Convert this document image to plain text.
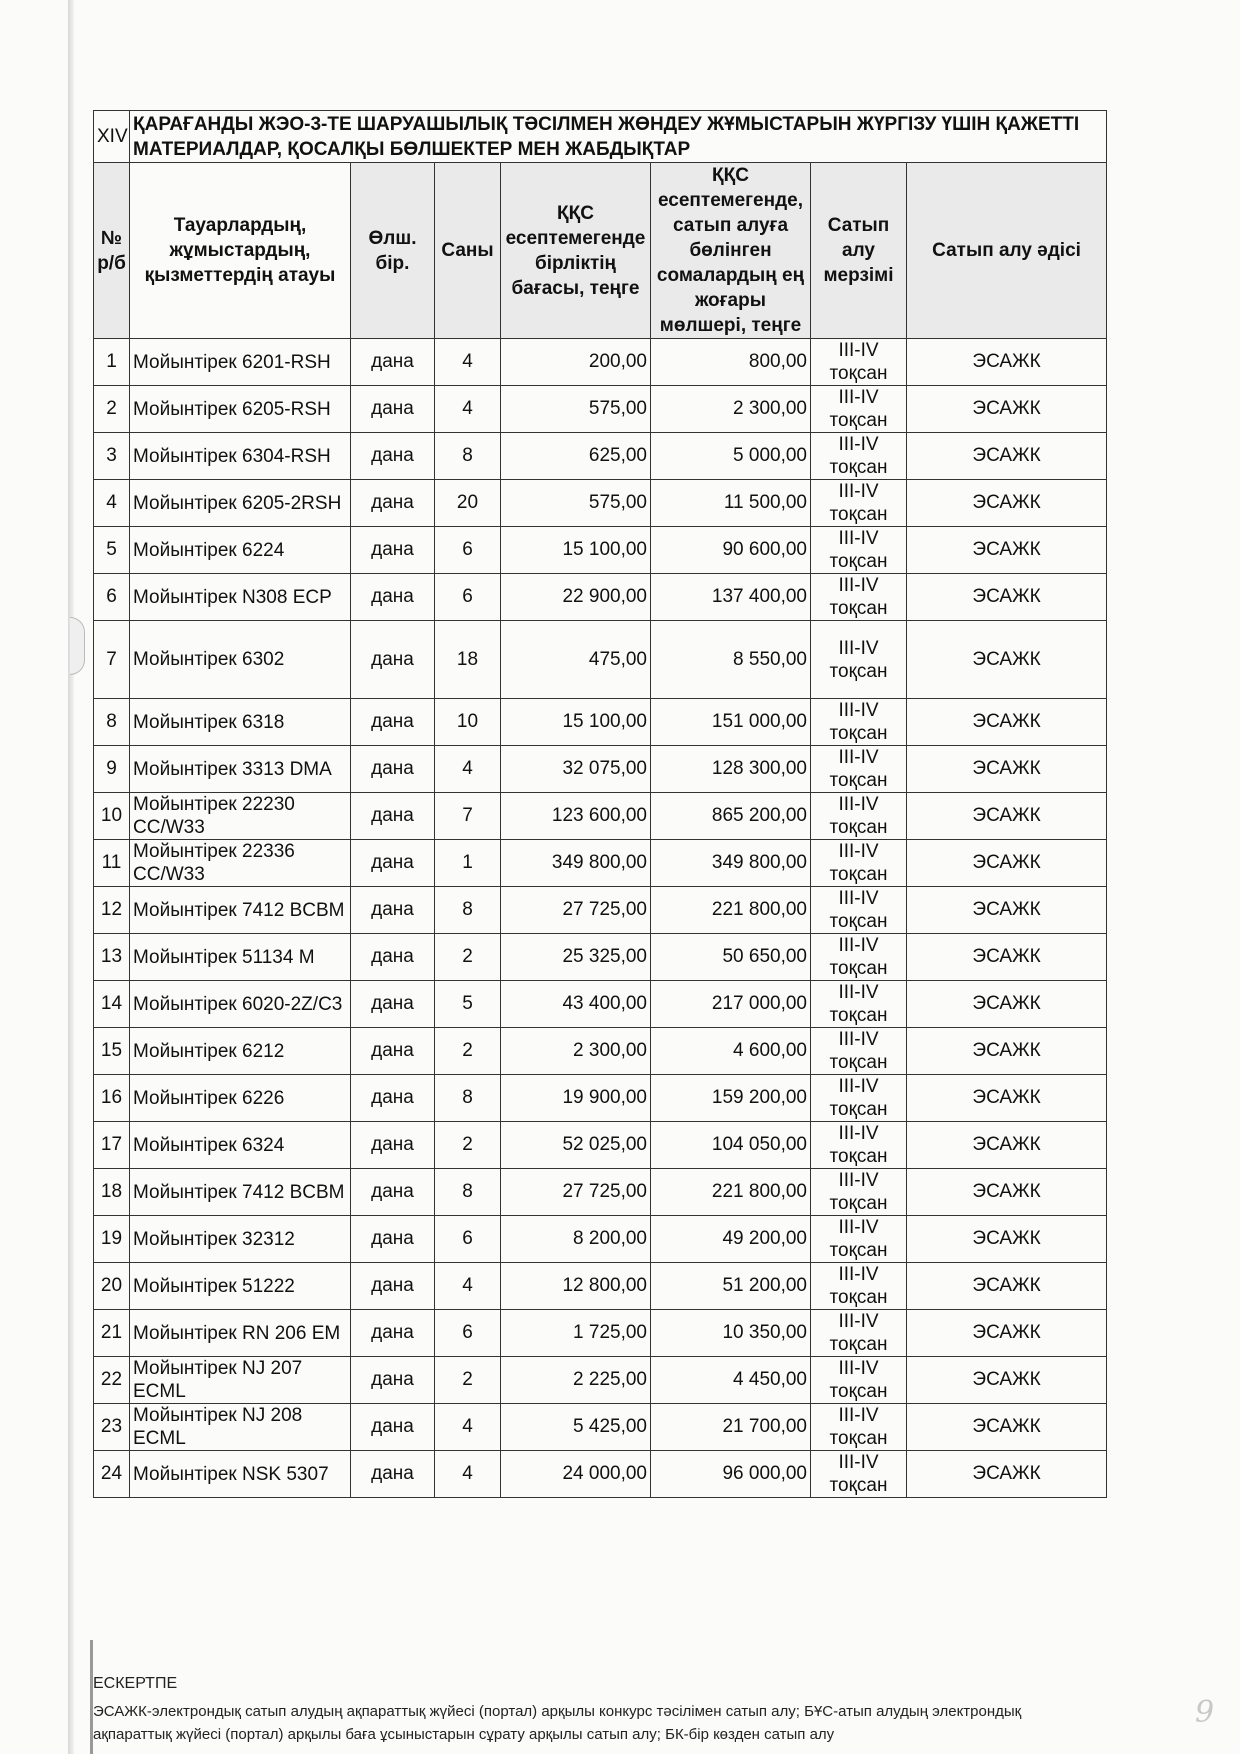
XIV	ҚАРАҒАНДЫ ЖЭО-3-ТЕ ШАРУАШЫЛЫҚ ТӘСІЛМЕН ЖӨНДЕУ ЖҰМЫСТАРЫН ЖҮРГІЗУ ҮШІН ҚАЖЕТТІ МАТЕРИАЛДАР, ҚОСАЛҚЫ БӨЛШЕКТЕР МЕН ЖАБДЫҚТАР						
№ р/б	Тауарлардың, жұмыстардың, қызметтердің атауы	Өлш. бір.	Саны	ҚҚС есептемегенде бірліктің бағасы, теңге	ҚҚС есептемегенде, сатып алуға бөлінген сомалардың ең жоғары мөлшері, теңге	Сатып алу мерзімі	Сатып алу әдісі
1	Мойынтірек 6201-RSH	дана	4	200,00	800,00	III-IV тоқсан	ЭСАЖК
2	Мойынтірек 6205-RSH	дана	4	575,00	2 300,00	III-IV тоқсан	ЭСАЖК
3	Мойынтірек 6304-RSH	дана	8	625,00	5 000,00	III-IV тоқсан	ЭСАЖК
4	Мойынтірек 6205-2RSH	дана	20	575,00	11 500,00	III-IV тоқсан	ЭСАЖК
5	Мойынтірек 6224	дана	6	15 100,00	90 600,00	III-IV тоқсан	ЭСАЖК
6	Мойынтірек N308 ECP	дана	6	22 900,00	137 400,00	III-IV тоқсан	ЭСАЖК
7	Мойынтірек 6302	дана	18	475,00	8 550,00	III-IV тоқсан	ЭСАЖК
8	Мойынтірек 6318	дана	10	15 100,00	151 000,00	III-IV тоқсан	ЭСАЖК
9	Мойынтірек 3313 DMA	дана	4	32 075,00	128 300,00	III-IV тоқсан	ЭСАЖК
10	Мойынтірек 22230 CC/W33	дана	7	123 600,00	865 200,00	III-IV тоқсан	ЭСАЖК
11	Мойынтірек 22336 CC/W33	дана	1	349 800,00	349 800,00	III-IV тоқсан	ЭСАЖК
12	Мойынтірек 7412 BCBM	дана	8	27 725,00	221 800,00	III-IV тоқсан	ЭСАЖК
13	Мойынтірек 51134 M	дана	2	25 325,00	50 650,00	III-IV тоқсан	ЭСАЖК
14	Мойынтірек 6020-2Z/C3	дана	5	43 400,00	217 000,00	III-IV тоқсан	ЭСАЖК
15	Мойынтірек 6212	дана	2	2 300,00	4 600,00	III-IV тоқсан	ЭСАЖК
16	Мойынтірек 6226	дана	8	19 900,00	159 200,00	III-IV тоқсан	ЭСАЖК
17	Мойынтірек 6324	дана	2	52 025,00	104 050,00	III-IV тоқсан	ЭСАЖК
18	Мойынтірек 7412 BCBM	дана	8	27 725,00	221 800,00	III-IV тоқсан	ЭСАЖК
19	Мойынтірек 32312	дана	6	8 200,00	49 200,00	III-IV тоқсан	ЭСАЖК
20	Мойынтірек 51222	дана	4	12 800,00	51 200,00	III-IV тоқсан	ЭСАЖК
21	Мойынтірек RN 206 EM	дана	6	1 725,00	10 350,00	III-IV тоқсан	ЭСАЖК
22	Мойынтірек NJ 207 ECML	дана	2	2 225,00	4 450,00	III-IV тоқсан	ЭСАЖК
23	Мойынтірек NJ 208 ECML	дана	4	5 425,00	21 700,00	III-IV тоқсан	ЭСАЖК
24	Мойынтірек NSK 5307	дана	4	24 000,00	96 000,00	III-IV тоқсан	ЭСАЖК
ЕСКЕРТПЕ
ЭСАЖК-электрондық сатып алудың ақпараттық жүйесі (портал) арқылы конкурс тәсілімен сатып алу; БҰС-атып алудың электрондық ақпараттық жүйесі (портал) арқылы баға ұсыныстарын сұрату арқылы сатып алу; БК-бір көзден сатып алу
9
